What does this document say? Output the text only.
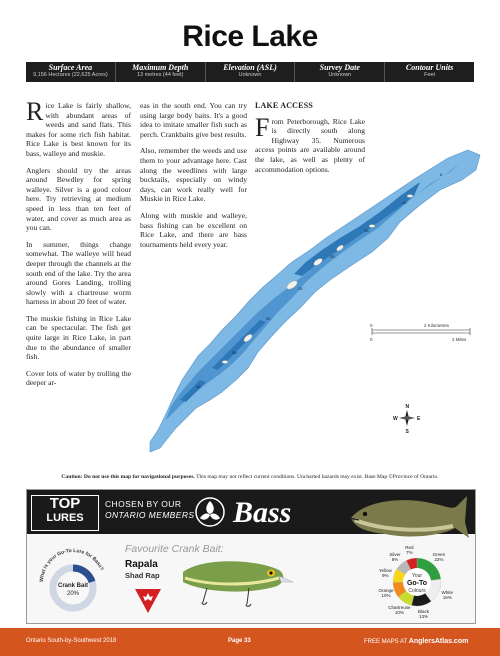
Rice Lake
Surface Area
9,156 Hectares (22,625 Acres)
Maximum Depth
13 metres (44 feet)
Elevation (ASL)
Unknown
Survey Date
Unknown
Contour Units
Feet
5
10
15
20
25
30
35
40
0
0
2 Kilometres
2 Miles
N
S
W	E

Rice Lake is fairly shallow, with abundant areas of weeds and sand flats. This makes for some rich fish habitat. Rice Lake is best known for its bass, walleye and muskie.

Anglers should try the areas around Bewdley for spring walleye. Silver is a good colour here. Try retrieving at medium speed in less than ten feet of water, and cover as much area as you can.

In summer, things change somewhat. The walleye will head deeper through the channels at the south end of the lake. Try the area around Gores Landing, trolling slowly with a chartreuse worm harness in about 20 feet of water.

The muskie fishing in Rice Lake can be spectacular. The fish get quite large in Rice Lake, in part due to the abundance of smaller fish.

Cover lots of water by trolling the deeper ar-

eas in the south end. You can try using large body baits. It's a good idea to imitate smaller fish such as perch. Crankbaits give best results.

Also, remember the weeds and use them to your advantage here. Cast along the weedlines with large bucktails, especially on windy days, can work really well for Muskie in Rice Lake.

Along with muskie and walleye, bass fishing can be excellent on Rice Lake, and there are bass tournaments held every year.

LAKE ACCESS

From Peterborough, Rice Lake is directly south along Highway 35. Numerous access points are available around the lake, as well as plenty of accommodation options.

Caution: Do not use this map for navigational purposes. This map may not reflect current conditions. Uncharted hazards may exist. Base Map ©Province of Ontario.
TOP
LURES
CHOSEN BY OUR
ONTARIO MEMBERS Bass
What is your Go-To Lure for Bass?
Crank Bait
20%
Favourite Crank Bait:
Rapala
Shad Rap	Your
Go-To
Colours
Green
22%
White
16%
Black
13%
Chartreuse
10%
Orange
10%
Yellow
9%
Silver
8%
Red
7%
Ontario South-by-Southwest 2018	Page 33	FREE MAPS AT AnglersAtlas.com
